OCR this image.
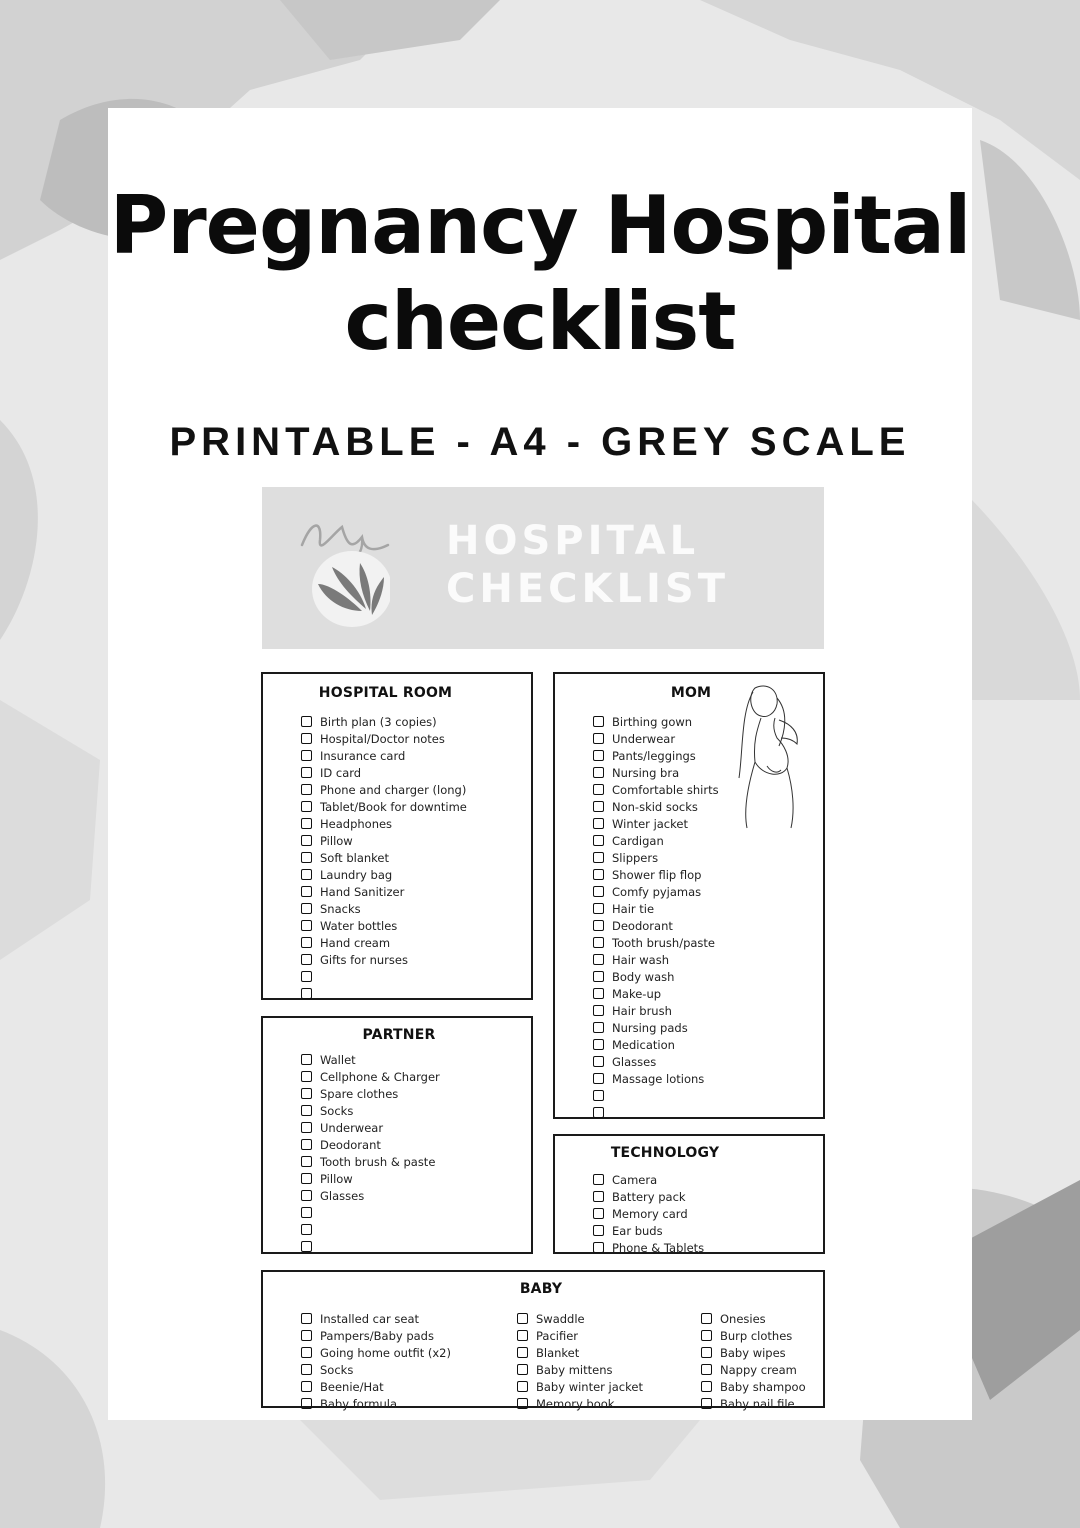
Pregnancy Hospital
checklist
PRINTABLE - A4 - GREY SCALE
HOSPITAL
CHECKLIST
HOSPITAL ROOM
Birth plan (3 copies)
Hospital/Doctor notes
Insurance card
ID card
Phone and charger (long)
Tablet/Book for downtime
Headphones
Pillow
Soft blanket
Laundry bag
Hand Sanitizer
Snacks
Water bottles
Hand cream
Gifts for nurses
MOM
Birthing gown
Underwear
Pants/leggings
Nursing bra
Comfortable shirts
Non-skid socks
Winter jacket
Cardigan
Slippers
Shower flip flop
Comfy pyjamas
Hair tie
Deodorant
Tooth brush/paste
Hair wash
Body wash
Make-up
Hair brush
Nursing pads
Medication
Glasses
Massage lotions
PARTNER
Wallet
Cellphone & Charger
Spare clothes
Socks
Underwear
Deodorant
Tooth brush & paste
Pillow
Glasses
TECHNOLOGY
Camera
Battery pack
Memory card
Ear buds
Phone & Tablets
BABY
Installed car seat
Pampers/Baby pads
Going home outfit (x2)
Socks
Beenie/Hat
Baby formula
Swaddle
Pacifier
Blanket
Baby mittens
Baby winter jacket
Memory book
Onesies
Burp clothes
Baby wipes
Nappy cream
Baby shampoo
Baby nail file
